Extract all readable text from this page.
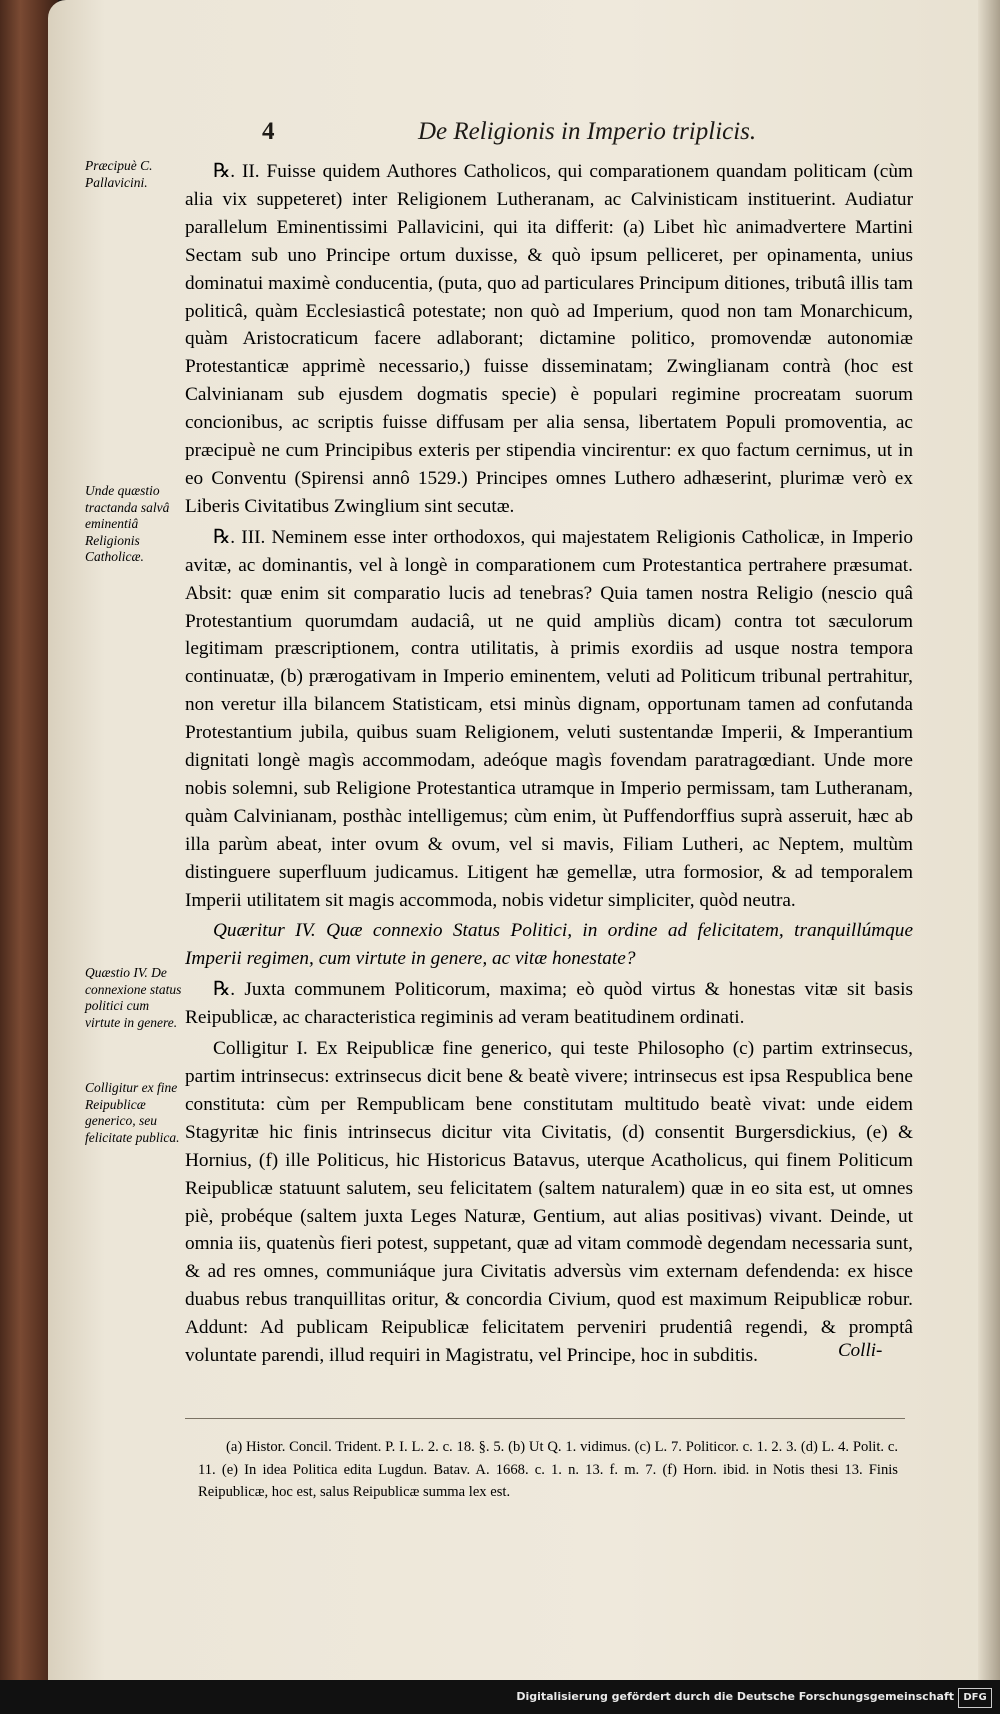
4	De Religionis in Imperio triplicis.
Præcipuè C. Pallavicini.
Unde quæstio tractanda salvâ eminentiâ Religionis Catholicæ.
Quæstio IV. De connexione status politici cum virtute in genere.
Colligitur ex fine Reipublicæ generico, seu felicitate publica.

℞. II. Fuisse quidem Authores Catholicos, qui comparationem quandam politicam (cùm alia vix suppeteret) inter Religionem Lutheranam, ac Calvinisticam instituerint. Audiatur parallelum Eminentissimi Pallavicini, qui ita differit: (a) Libet hìc animadvertere Martini Sectam sub uno Principe ortum duxisse, & quò ipsum pelliceret, per opinamenta, unius dominatui maximè conducentia, (puta, quo ad particulares Principum ditiones, tributâ illis tam politicâ, quàm Ecclesiasticâ potestate; non quò ad Imperium, quod non tam Monarchicum, quàm Aristocraticum facere adlaborant; dictamine politico, promovendæ autonomiæ Protestanticæ apprimè necessario,) fuisse disseminatam; Zwinglianam contrà (hoc est Calvinianam sub ejusdem dogmatis specie) è populari regimine procreatam suorum concionibus, ac scriptis fuisse diffusam per alia sensa, libertatem Populi promoventia, ac præcipuè ne cum Principibus exteris per stipendia vincirentur: ex quo factum cernimus, ut in eo Conventu (Spirensi annô 1529.) Principes omnes Luthero adhæserint, plurimæ verò ex Liberis Civitatibus Zwinglium sint secutæ.

℞. III. Neminem esse inter orthodoxos, qui majestatem Religionis Catholicæ, in Imperio avitæ, ac dominantis, vel à longè in comparationem cum Protestantica pertrahere præsumat. Absit: quæ enim sit comparatio lucis ad tenebras? Quia tamen nostra Religio (nescio quâ Protestantium quorumdam audaciâ, ut ne quid ampliùs dicam) contra tot sæculorum legitimam præscriptionem, contra utilitatis, à primis exordiis ad usque nostra tempora continuatæ, (b) prærogativam in Imperio eminentem, veluti ad Politicum tribunal pertrahitur, non veretur illa bilancem Statisticam, etsi minùs dignam, opportunam tamen ad confutanda Protestantium jubila, quibus suam Religionem, veluti sustentandæ Imperii, & Imperantium dignitati longè magìs accommodam, adeóque magìs fovendam paratragœdiant. Unde more nobis solemni, sub Religione Protestantica utramque in Imperio permissam, tam Lutheranam, quàm Calvinianam, posthàc intelligemus; cùm enim, ùt Puffendorffius suprà asseruit, hæc ab illa parùm abeat, inter ovum & ovum, vel si mavis, Filiam Lutheri, ac Neptem, multùm distinguere superfluum judicamus. Litigent hæ gemellæ, utra formosior, & ad temporalem Imperii utilitatem sit magis accommoda, nobis videtur simpliciter, quòd neutra.

Quæritur IV. Quæ connexio Status Politici, in ordine ad felicitatem, tranquillúmque Imperii regimen, cum virtute in genere, ac vitæ honestate?

℞. Juxta communem Politicorum, maxima; eò quòd virtus & honestas vitæ sit basis Reipublicæ, ac characteristica regiminis ad veram beatitudinem ordinati.

Colligitur I. Ex Reipublicæ fine generico, qui teste Philosopho (c) partim extrinsecus, partim intrinsecus: extrinsecus dicit bene & beatè vivere; intrinsecus est ipsa Respublica bene constituta: cùm per Rempublicam bene constitutam multitudo beatè vivat: unde eidem Stagyritæ hic finis intrinsecus dicitur vita Civitatis, (d) consentit Burgersdickius, (e) & Hornius, (f) ille Politicus, hic Historicus Batavus, uterque Acatholicus, qui finem Politicum Reipublicæ statuunt salutem, seu felicitatem (saltem naturalem) quæ in eo sita est, ut omnes piè, probéque (saltem juxta Leges Naturæ, Gentium, aut alias positivas) vivant. Deinde, ut omnia iis, quatenùs fieri potest, suppetant, quæ ad vitam commodè degendam necessaria sunt, & ad res omnes, communiáque jura Civitatis adversùs vim externam defendenda: ex hisce duabus rebus tranquillitas oritur, & concordia Civium, quod est maximum Reipublicæ robur. Addunt: Ad publicam Reipublicæ felicitatem perveniri prudentiâ regendi, & promptâ voluntate parendi, illud requiri in Magistratu, vel Principe, hoc in subditis.	Colli-

(a) Histor. Concil. Trident. P. I. L. 2. c. 18. §. 5. (b) Ut Q. 1. vidimus. (c) L. 7. Politicor. c. 1. 2. 3. (d) L. 4. Polit. c. 11. (e) In idea Politica edita Lugdun. Batav. A. 1668. c. 1. n. 13. f. m. 7. (f) Horn. ibid. in Notis thesi 13. Finis Reipublicæ, hoc est, salus Reipublicæ summa lex est.

Digitalisierung gefördert durch die Deutsche Forschungsgemeinschaft DFG
